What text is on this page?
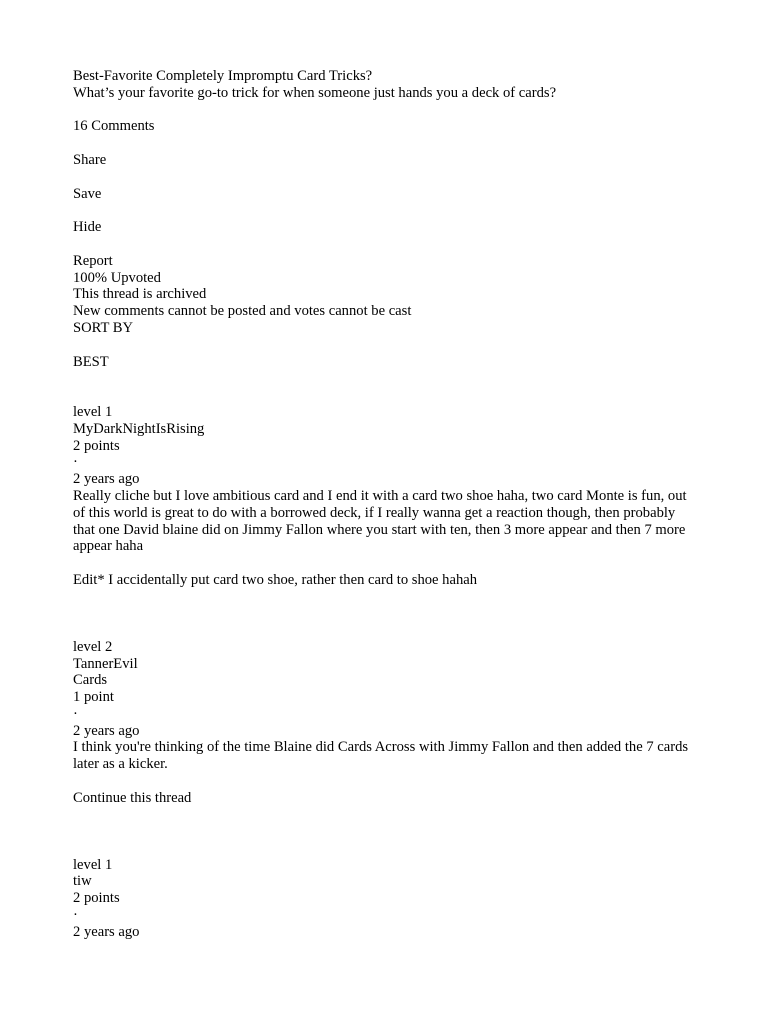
Best-Favorite Completely Impromptu Card Tricks?
What’s your favorite go-to trick for when someone just hands you a deck of cards?
16 Comments
Share
Save
Hide
Report
100% Upvoted
This thread is archived
New comments cannot be posted and votes cannot be cast
SORT BY
BEST
level 1
MyDarkNightIsRising
2 points
·
2 years ago
Really cliche but I love ambitious card and I end it with a card two shoe haha, two card Monte is fun, out of this world is great to do with a borrowed deck, if I really wanna get a reaction though, then probably that one David blaine did on Jimmy Fallon where you start with ten, then 3 more appear and then 7 more appear haha
Edit* I accidentally put card two shoe, rather then card to shoe hahah
level 2
TannerEvil
Cards
1 point
·
2 years ago
I think you're thinking of the time Blaine did Cards Across with Jimmy Fallon and then added the 7 cards later as a kicker.
Continue this thread
level 1
tiw
2 points
·
2 years ago
